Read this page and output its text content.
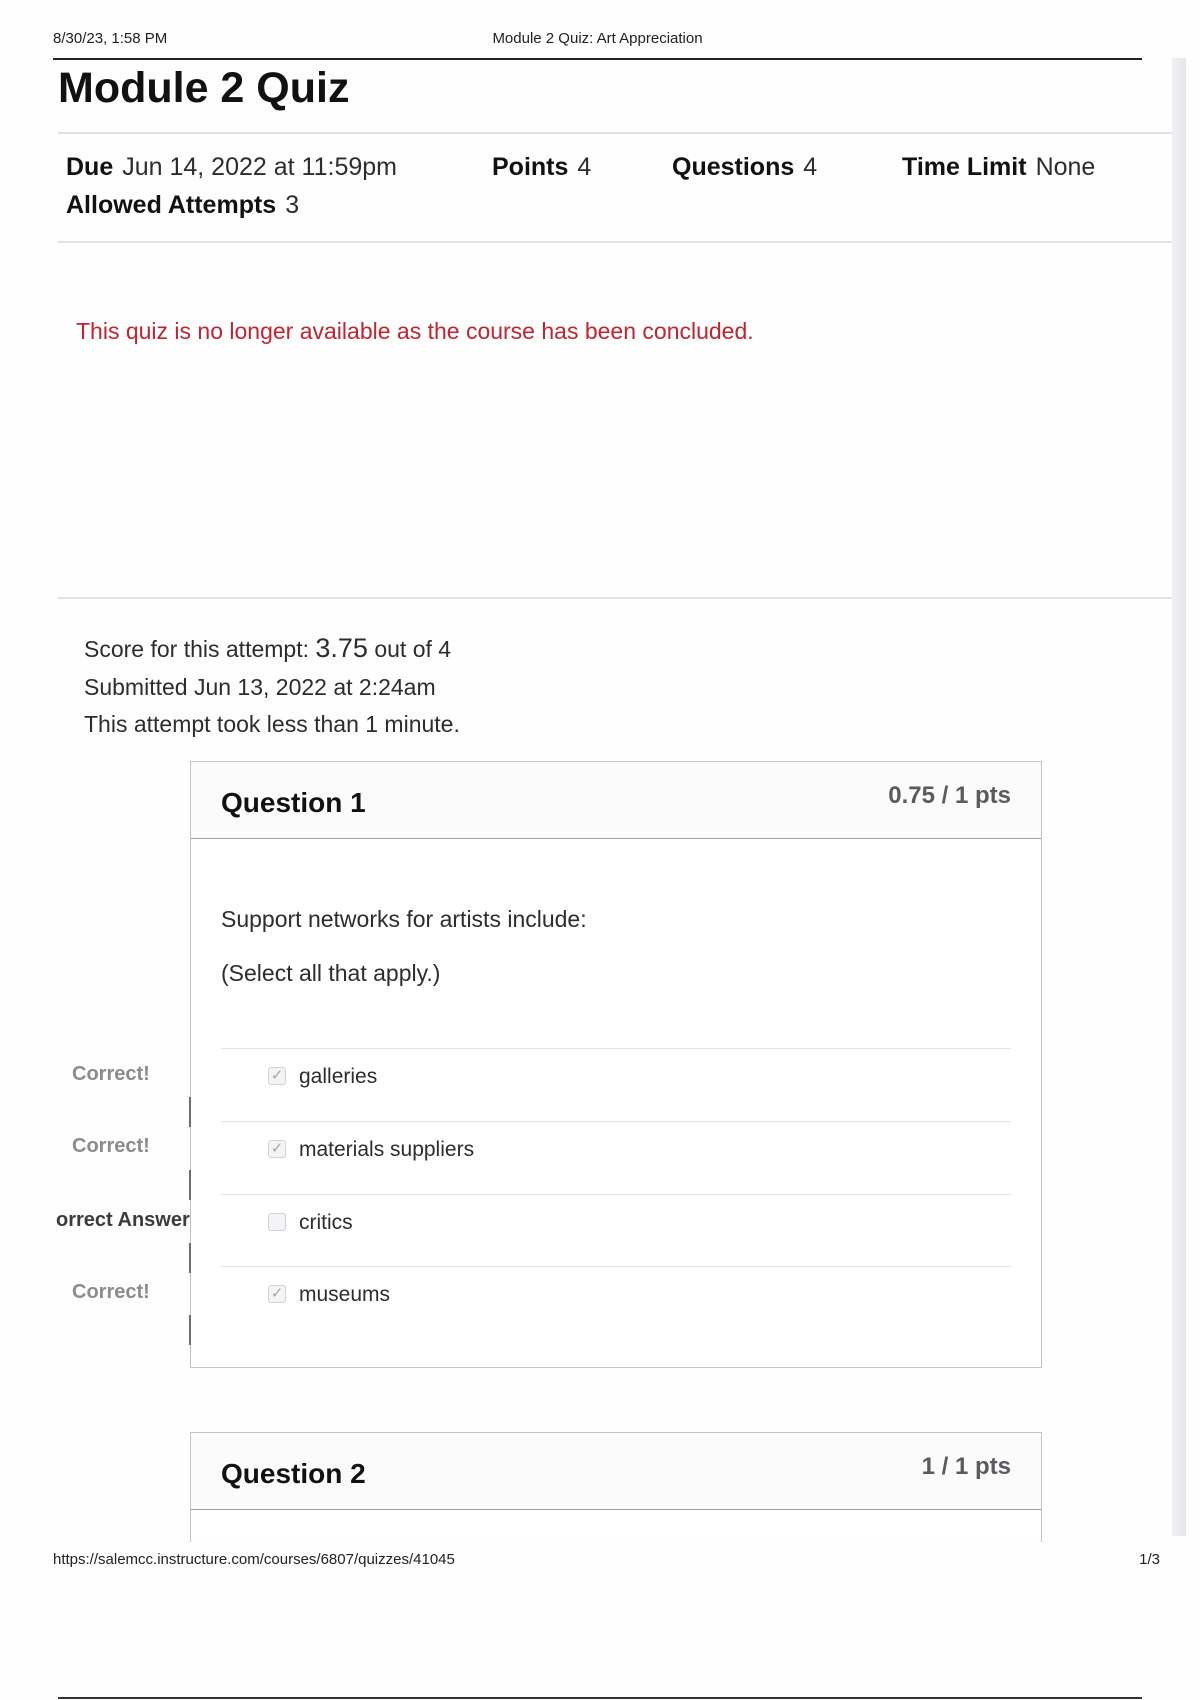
8/30/23, 1:58 PM	Module 2 Quiz: Art Appreciation
Module 2 Quiz
Due Jun 14, 2022 at 11:59pm	Points 4	Questions 4	Time Limit None
Allowed Attempts 3
This quiz is no longer available as the course has been concluded.
Score for this attempt: 3.75 out of 4
Submitted Jun 13, 2022 at 2:24am
This attempt took less than 1 minute.
Question 1	0.75 / 1 pts
Support networks for artists include:
(Select all that apply.)
✓ galleries
✓ materials suppliers
critics
✓ museums
Correct!
Correct!
orrect Answer
Correct!
Question 2	1 / 1 pts
https://salemcc.instructure.com/courses/6807/quizzes/41045	1/3
